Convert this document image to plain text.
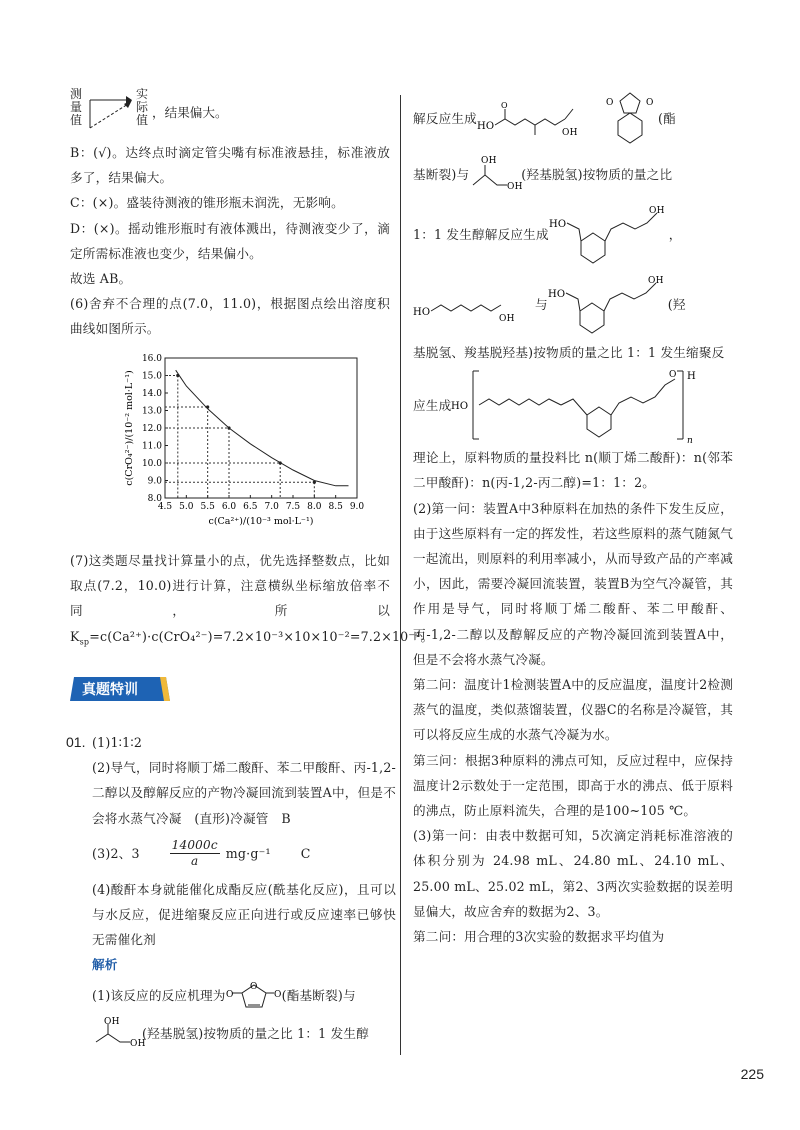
测量值
实际值 ，结果偏大。

B：(√)。达终点时滴定管尖嘴有标准液悬挂，标准液放多了，结果偏大。

C：(×)。盛装待测液的锥形瓶未润洗，无影响。

D：(×)。摇动锥形瓶时有液体溅出，待测液变少了，滴定所需标准液也变少，结果偏小。

故选 AB。

(6)舍弃不合理的点(7.0，11.0)，根据图点绘出溶度积曲线如图所示。

4.5 5.0 5.5 6.0 6.5 7.0 7.5 8.0 8.5 9.0
8.0
9.0
10.0
11.0
12.0
13.0
14.0
15.0
16.0
c(Ca²⁺)/(10⁻³ mol·L⁻¹)
c(CrO₄²⁻)/(10⁻² mol·L⁻¹)

(7)这类题尽量找计算量小的点，优先选择整数点，比如取点(7.2，10.0)进行计算，注意横纵坐标缩放倍率不同，所以 $K_{sp}=c(Ca^{2+})\cdot c(CrO_4^{2-})=7.2\times 10^{-3}\times 10\times 10^{-2}=7.2\times 10^{-4}$。

真题特训
01. (1)1∶1∶2

(2)导气，同时将顺丁烯二酸酐、苯二甲酸酐、丙-1,2-二醇以及醇解反应的产物冷凝回流到装置A中，但是不会将水蒸气冷凝　(直形)冷凝管　B

(3)2、3	$\frac{14000c}{a} mg\cdot g^{-1}$ C

(4)酸酐本身就能催化成酯反应(酰基化反应)，且可以与水反应，促进缩聚反应正向进行或反应速率已够快无需催化剂

解析

(1)该反应的反应机理为
O
O	O (酯基断裂)与
OH
OH
(羟基脱氢)按物质的量之比 1：1 发生醇
解反应生成
HO
O
OH
O	O
(酯
基断裂)与
OH
OH
(羟基脱氢)按物质的量之比
1：1 发生醇解反应生成
HO
OH
，
HO
OH
与
HO
OH
(羟

基脱氢、羧基脱羟基)按物质的量之比 1：1 发生缩聚反

应生成 HO
O H
n

理论上，原料物质的量投料比 n(顺丁烯二酸酐)：n(邻苯二甲酸酐)：n(丙-1,2-丙二醇)=1：1：2。

(2)第一问：装置A中3种原料在加热的条件下发生反应，由于这些原料有一定的挥发性，若这些原料的蒸气随氮气一起流出，则原料的利用率减小，从而导致产品的产率减小，因此，需要冷凝回流装置，装置B为空气冷凝管，其作用是导气，同时将顺丁烯二酸酐、苯二甲酸酐、丙-1,2-二醇以及醇解反应的产物冷凝回流到装置A中，但是不会将水蒸气冷凝。

第二问：温度计1检测装置A中的反应温度，温度计2检测蒸气的温度，类似蒸馏装置，仪器C的名称是冷凝管，其可以将反应生成的水蒸气冷凝为水。

第三问：根据3种原料的沸点可知，反应过程中，应保持温度计2示数处于一定范围，即高于水的沸点、低于原料的沸点，防止原料流失，合理的是100~105 ℃。

(3)第一问：由表中数据可知，5次滴定消耗标准溶液的体积分别为 24.98 mL、24.80 mL、24.10 mL、25.00 mL、25.02 mL，第2、3两次实验数据的误差明显偏大，故应舍弃的数据为2、3。

第二问：用合理的3次实验的数据求平均值为

225
